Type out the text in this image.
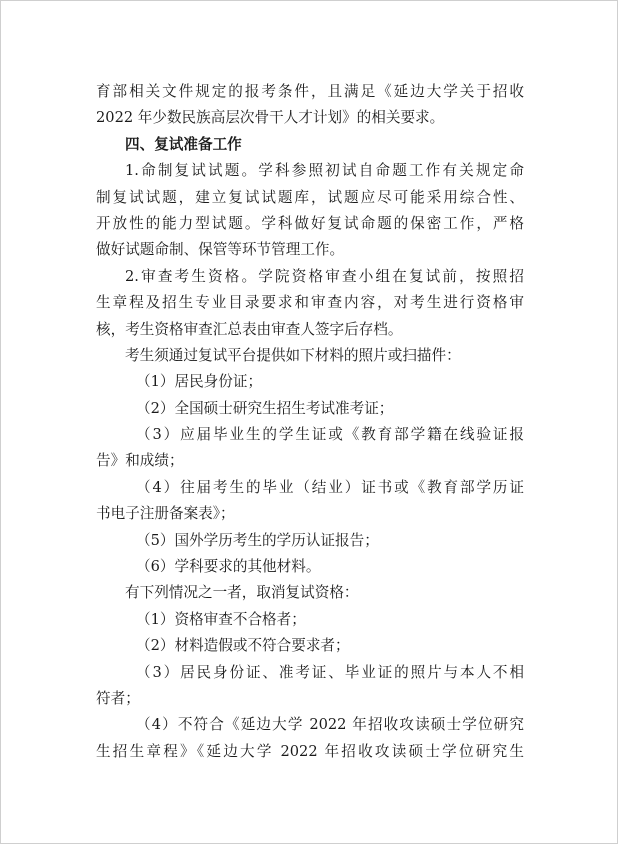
育部相关文件规定的报考条件，且满足《延边大学关于招收
2022 年少数民族高层次骨干人才计划》的相关要求。
四、复试准备工作
1.命制复试试题。学科参照初试自命题工作有关规定命
制复试试题，建立复试试题库，试题应尽可能采用综合性、
开放性的能力型试题。学科做好复试命题的保密工作，严格
做好试题命制、保管等环节管理工作。
2.审查考生资格。学院资格审查小组在复试前，按照招
生章程及招生专业目录要求和审查内容，对考生进行资格审
核，考生资格审查汇总表由审查人签字后存档。
考生须通过复试平台提供如下材料的照片或扫描件：
（1）居民身份证；
（2）全国硕士研究生招生考试准考证；
（3）应届毕业生的学生证或《教育部学籍在线验证报
告》和成绩；
（4）往届考生的毕业（结业）证书或《教育部学历证
书电子注册备案表》；
（5）国外学历考生的学历认证报告；
（6）学科要求的其他材料。
有下列情况之一者，取消复试资格：
（1）资格审查不合格者；
（2）材料造假或不符合要求者；
（3）居民身份证、准考证、毕业证的照片与本人不相
符者；
（4）不符合《延边大学 2022 年招收攻读硕士学位研究
生招生章程》《延边大学 2022 年招收攻读硕士学位研究生
